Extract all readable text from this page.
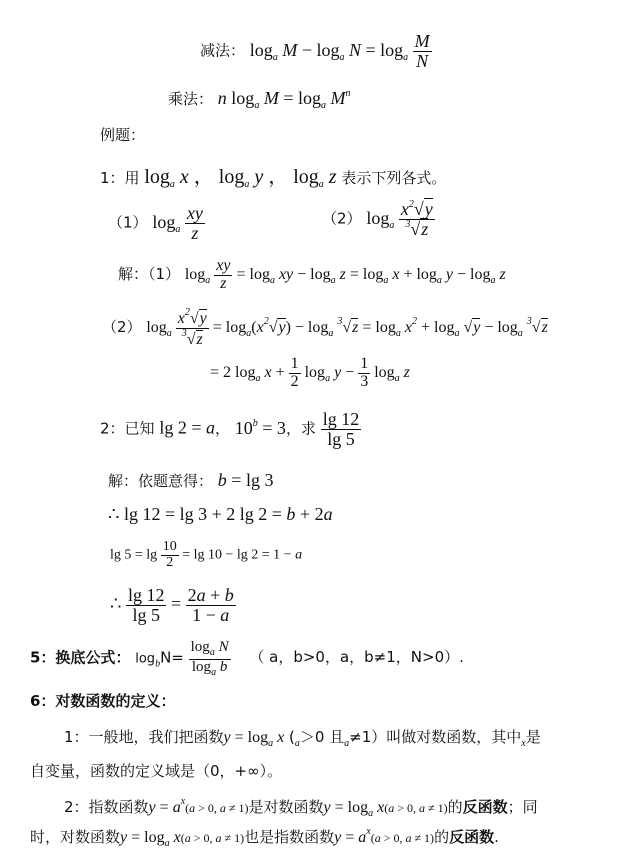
减法： $\log_a M - \log_a N = \log_a \frac{M}{N}$
乘法： n $\log_a M = \log_a M^n$
例题：
1：用 $\log_a x$ ， $\log_a y$ ， $\log_a z$ 表示下列各式。
（1） $\log_a \frac{xy}{z}$	（2） $\log_a \frac{x^2√y}{^3√z}$
解：（1） $\log_a \frac{xy}{z} = \log_a$ xy − $\log_a z = \log_a x + \log_a y - \log_a z$
（2） $\log_a \frac{x^2√y}{^3√z} = \log_a(x^2√y) - \log_a ^3√z = \log_a x^2 + \log_a √y - \log_a ^3√z$
= 2 $\log_a x + \frac{1}{2} \log_a y - \frac{1}{3} \log_a z$
2：已知 lg 2 = a， $10^b = 3$，求 $\frac{\lg 12}{\lg 5}$
解：依题意得： b = lg 3
∴ lg 12 = lg 3 + 2 lg 2 = b + 2a
$\lg 5 = \lg \frac{10}{2} = \lg 10 - \lg 2 = 1 - a$
∴ $\frac{\lg 12}{\lg 5} = \frac{2a + b}{1 - a}$
5：换底公式： $\log_bN= \frac{\log_a N}{\log_a b}$ （ a，b>0，a，b≠1，N>0）.
6：对数函数的定义：
1：一般地，我们把函数$y = \log_a x$ ($_a>0$ 且$_a$≠1）叫做对数函数，其中$_x$是
自变量，函数的定义域是（0，+∞）。
2：指数函数$y = a^x(a > 0$, a ≠ 1)是对数函数$y = \log_a x(a > 0$, a ≠ 1)的反函数；同
时，对数函数$y = \log_a x(a > 0$, a ≠ 1)也是指数函数$y = a^x(a > 0$, a ≠ 1)的反函数.
